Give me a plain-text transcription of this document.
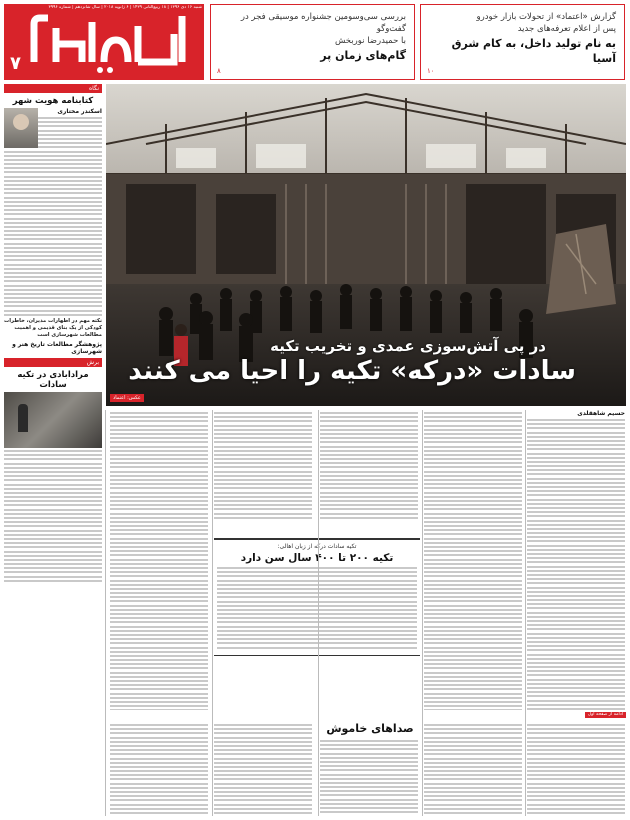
شنبه ۱۶ دی ۱۳۹۶ | ۱۸ ربیع‌الثانی ۱۴۳۹ | ۶ ژانویه ۲۰۱۸ | سال شانزدهم | شماره ۳۹۹۶
۷
گزارش «اعتماد» از تحولات بازار خودرو
پس از اعلام تعرفه‌های جدید
به نام تولید داخل، به کام شرق آسیا
۱۰
بررسی سی‌وسومین جشنواره موسیقی فجر در گفت‌وگو
با حمیدرضا نوربخش
گام‌های زمان پر
۸
نگاه
کتابنامه هویت شهر
اسکندر مختاری
نکته مهم در اظهارات مدیران، خاطرات کودکی از یک بنای قدیمی و اهمیت مطالعات شهرسازی است
پژوهشگر مطالعات تاریخ هنر و شهرسازی
برش
مرادابادی در تکیه سادات
در پی آتش‌سوزی عمدی و تخریب تکیه
سادات «درکه» تکیه را احیا می کنند
عکس: اعتماد
حسیم شاهقلدی
تکیه سادات درکه از زبان اهالی:
تکیه ۲۰۰ تا ۴۰۰ سال سن دارد
ادامه از صفحه اول
صداهای خاموش
